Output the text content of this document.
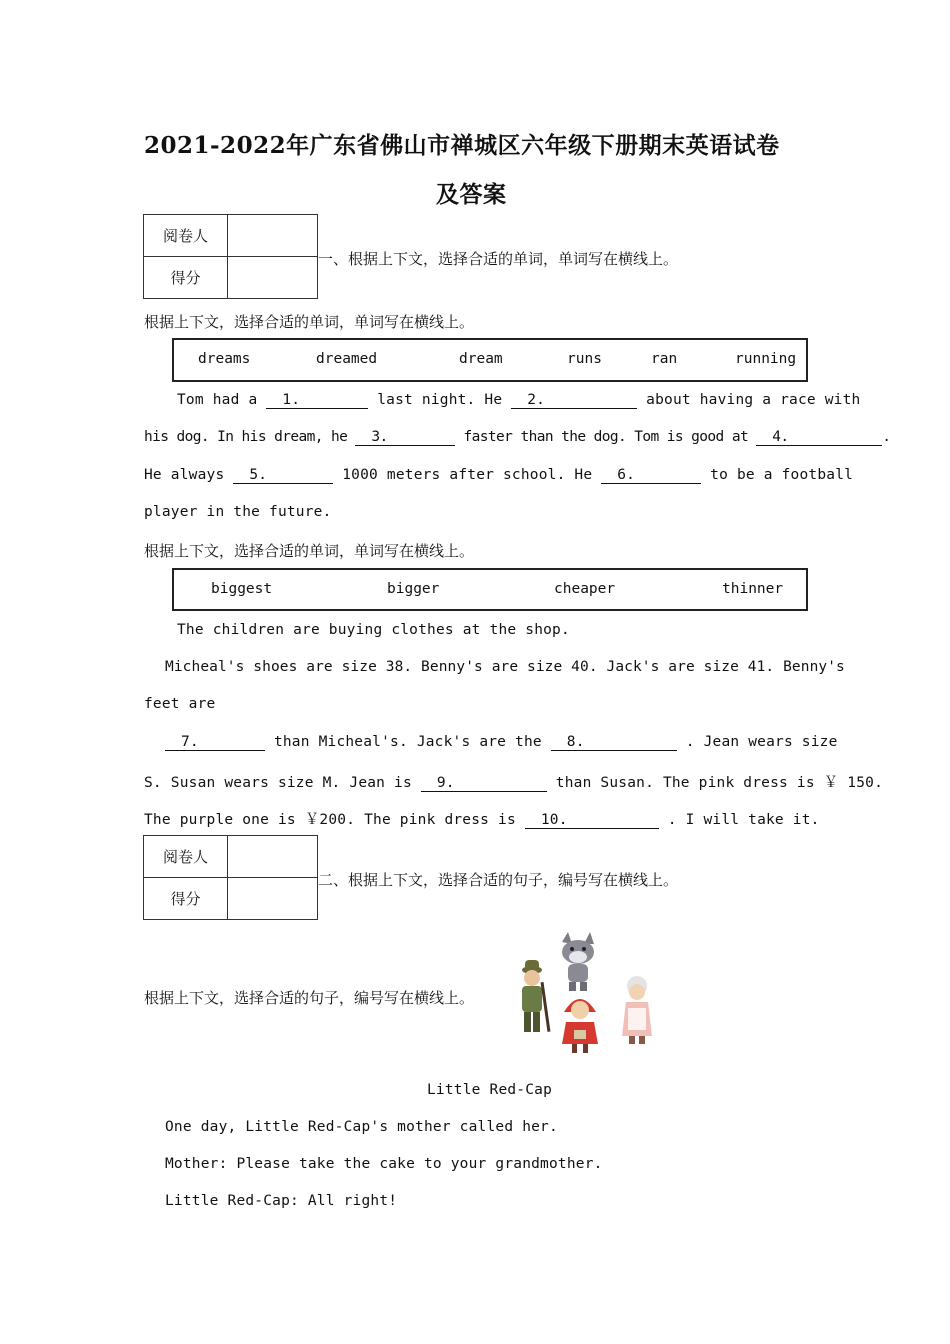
2021-2022年广东省佛山市禅城区六年级下册期末英语试卷
及答案
阅卷人	
得分	
一、根据上下文，选择合适的单词，单词写在横线上。
根据上下文，选择合适的单词，单词写在横线上。
dreams	dreamed	dream	runs	ran	running
Tom had a 1.	last night. He 2.	about having a race with
his dog. In his dream, he 3.	faster than the dog. Tom is good at 4.	.
He always 5.	1000 meters after school. He 6.	to be a football
player in the future.
根据上下文，选择合适的单词，单词写在横线上。
biggest	bigger	cheaper	thinner
The children are buying clothes at the shop.
Micheal's shoes are size 38. Benny's are size 40. Jack's are size 41. Benny's
feet are
7.	than Micheal's. Jack's are the 8.	. Jean wears size
S. Susan wears size M. Jean is 9.	than Susan. The pink dress is ￥ 150.
The purple one is ￥200. The pink dress is 10.	. I will take it.
阅卷人	
得分	
二、根据上下文，选择合适的句子，编号写在横线上。
根据上下文，选择合适的句子，编号写在横线上。
Little Red-Cap
One day, Little Red-Cap's mother called her.
Mother: Please take the cake to your grandmother.
Little Red-Cap: All right!
